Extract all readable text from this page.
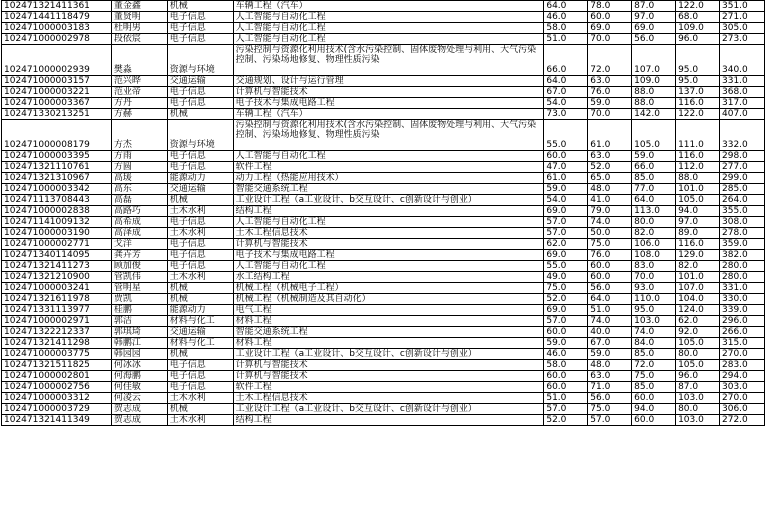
102471321411361	董金鑫	机械	车辆工程（汽车）	64.0	78.0	87.0	122.0	351.0
102471441118479	董贤明	电子信息	人工智能与自动化工程	46.0	60.0	97.0	68.0	271.0
102471000003183	杜明男	电子信息	人工智能与自动化工程	58.0	69.0	69.0	109.0	305.0
102471000002978	段依宸	电子信息	人工智能与自动化工程	51.0	70.0	56.0	96.0	273.0
102471000002939	樊淼	资源与环境	污染控制与资源化利用技术(含水污染控制、固体废物处理与利用、大气污染控制、污染场地修复、物理性质污染	66.0	72.0	107.0	95.0	340.0
102471000003157	范兴晔	交通运输	交通规划、设计与运行管理	64.0	63.0	109.0	95.0	331.0
102471000003221	范业帝	电子信息	计算机与智能技术	67.0	76.0	88.0	137.0	368.0
102471000003367	方丹	电子信息	电子技术与集成电路工程	54.0	59.0	88.0	116.0	317.0
102471330213251	方赫	机械	车辆工程（汽车）	73.0	70.0	142.0	122.0	407.0
102471000008179	方杰	资源与环境	污染控制与资源化利用技术(含水污染控制、固体废物处理与利用、大气污染控制、污染场地修复、物理性质污染	55.0	61.0	105.0	111.0	332.0
102471000003395	方雨	电子信息	人工智能与自动化工程	60.0	63.0	59.0	116.0	298.0
102471321110761	方圆	电子信息	软件工程	47.0	52.0	66.0	112.0	277.0
102471321310967	高瑗	能源动力	动力工程（热能应用技术）	61.0	65.0	85.0	88.0	299.0
102471000003342	高东	交通运输	智能交通系统工程	59.0	48.0	77.0	101.0	285.0
102471113708443	高磊	机械	工业设计工程（a工业设计、b交互设计、c创新设计与创业）	54.0	41.0	64.0	105.0	264.0
102471000002838	高路巧	土木水利	结构工程	69.0	79.0	113.0	94.0	355.0
102471141009132	高希成	电子信息	人工智能与自动化工程	57.0	74.0	80.0	97.0	308.0
102471000003190	高泽成	土木水利	土木工程信息技术	57.0	50.0	82.0	89.0	278.0
102471000002771	戈洋	电子信息	计算机与智能技术	62.0	75.0	106.0	116.0	359.0
102471340114095	龚卉芳	电子信息	电子技术与集成电路工程	69.0	76.0	108.0	129.0	382.0
102471321411273	顾加俊	电子信息	人工智能与自动化工程	55.0	60.0	83.0	82.0	280.0
102471321210900	管凯伟	土木水利	水工结构工程	49.0	60.0	70.0	101.0	280.0
102471000003241	管明星	机械	机械工程（机械电子工程）	75.0	56.0	93.0	107.0	331.0
102471321611978	贾凯	机械	机械工程（机械制造及其自动化）	52.0	64.0	110.0	104.0	330.0
102471331113977	桂鹏	能源动力	电气工程	69.0	51.0	95.0	124.0	339.0
102471000002971	郭洁	材料与化工	材料工程	57.0	74.0	103.0	62.0	296.0
102471322212337	郭琪琦	交通运输	智能交通系统工程	60.0	40.0	74.0	92.0	266.0
102471321411298	韩鹏江	材料与化工	材料工程	59.0	67.0	84.0	105.0	315.0
102471000003775	韩园园	机械	工业设计工程（a工业设计、b交互设计、c创新设计与创业）	46.0	59.0	85.0	80.0	270.0
102471321511825	何冰冰	电子信息	计算机与智能技术	58.0	48.0	72.0	105.0	283.0
102471000002801	何海鹏	电子信息	计算机与智能技术	60.0	63.0	75.0	96.0	294.0
102471000002756	何佳敏	电子信息	软件工程	60.0	71.0	85.0	87.0	303.0
102471000003312	何凌云	土木水利	土木工程信息技术	51.0	56.0	60.0	103.0	270.0
102471000003729	贺志成	机械	工业设计工程（a工业设计、b交互设计、c创新设计与创业）	57.0	75.0	94.0	80.0	306.0
102471321411349	贺志成	土木水利	结构工程	52.0	57.0	60.0	103.0	272.0
